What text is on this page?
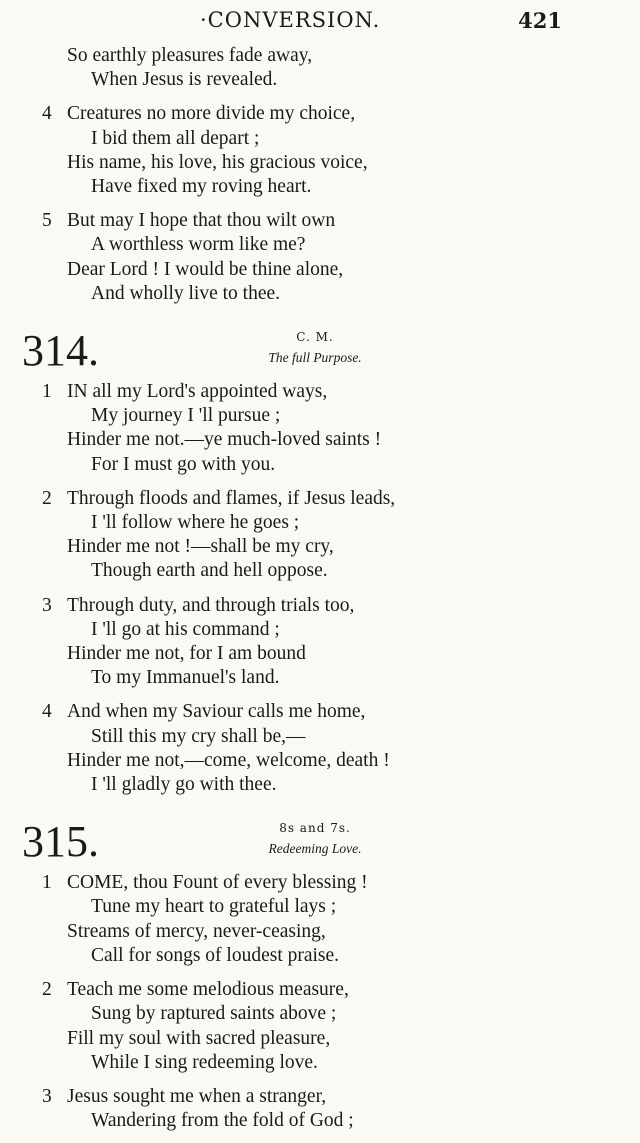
·CONVERSION.	421
So earthly pleasures fade away,
When Jesus is revealed.
4 Creatures no more divide my choice,
I bid them all depart ;
His name, his love, his gracious voice,
Have fixed my roving heart.
5 But may I hope that thou wilt own
A worthless worm like me?
Dear Lord ! I would be thine alone,
And wholly live to thee.
314.	C. M.
The full Purpose.
1 IN all my Lord's appointed ways,
My journey I 'll pursue ;
Hinder me not.—ye much-loved saints !
For I must go with you.
2 Through floods and flames, if Jesus leads,
I 'll follow where he goes ;
Hinder me not !—shall be my cry,
Though earth and hell oppose.
3 Through duty, and through trials too,
I 'll go at his command ;
Hinder me not, for I am bound
To my Immanuel's land.
4 And when my Saviour calls me home,
Still this my cry shall be,—
Hinder me not,—come, welcome, death !
I 'll gladly go with thee.
315.	8s and 7s.
Redeeming Love.
1 COME, thou Fount of every blessing !
Tune my heart to grateful lays ;
Streams of mercy, never-ceasing,
Call for songs of loudest praise.
2 Teach me some melodious measure,
Sung by raptured saints above ;
Fill my soul with sacred pleasure,
While I sing redeeming love.
3 Jesus sought me when a stranger,
Wandering from the fold of God ;
